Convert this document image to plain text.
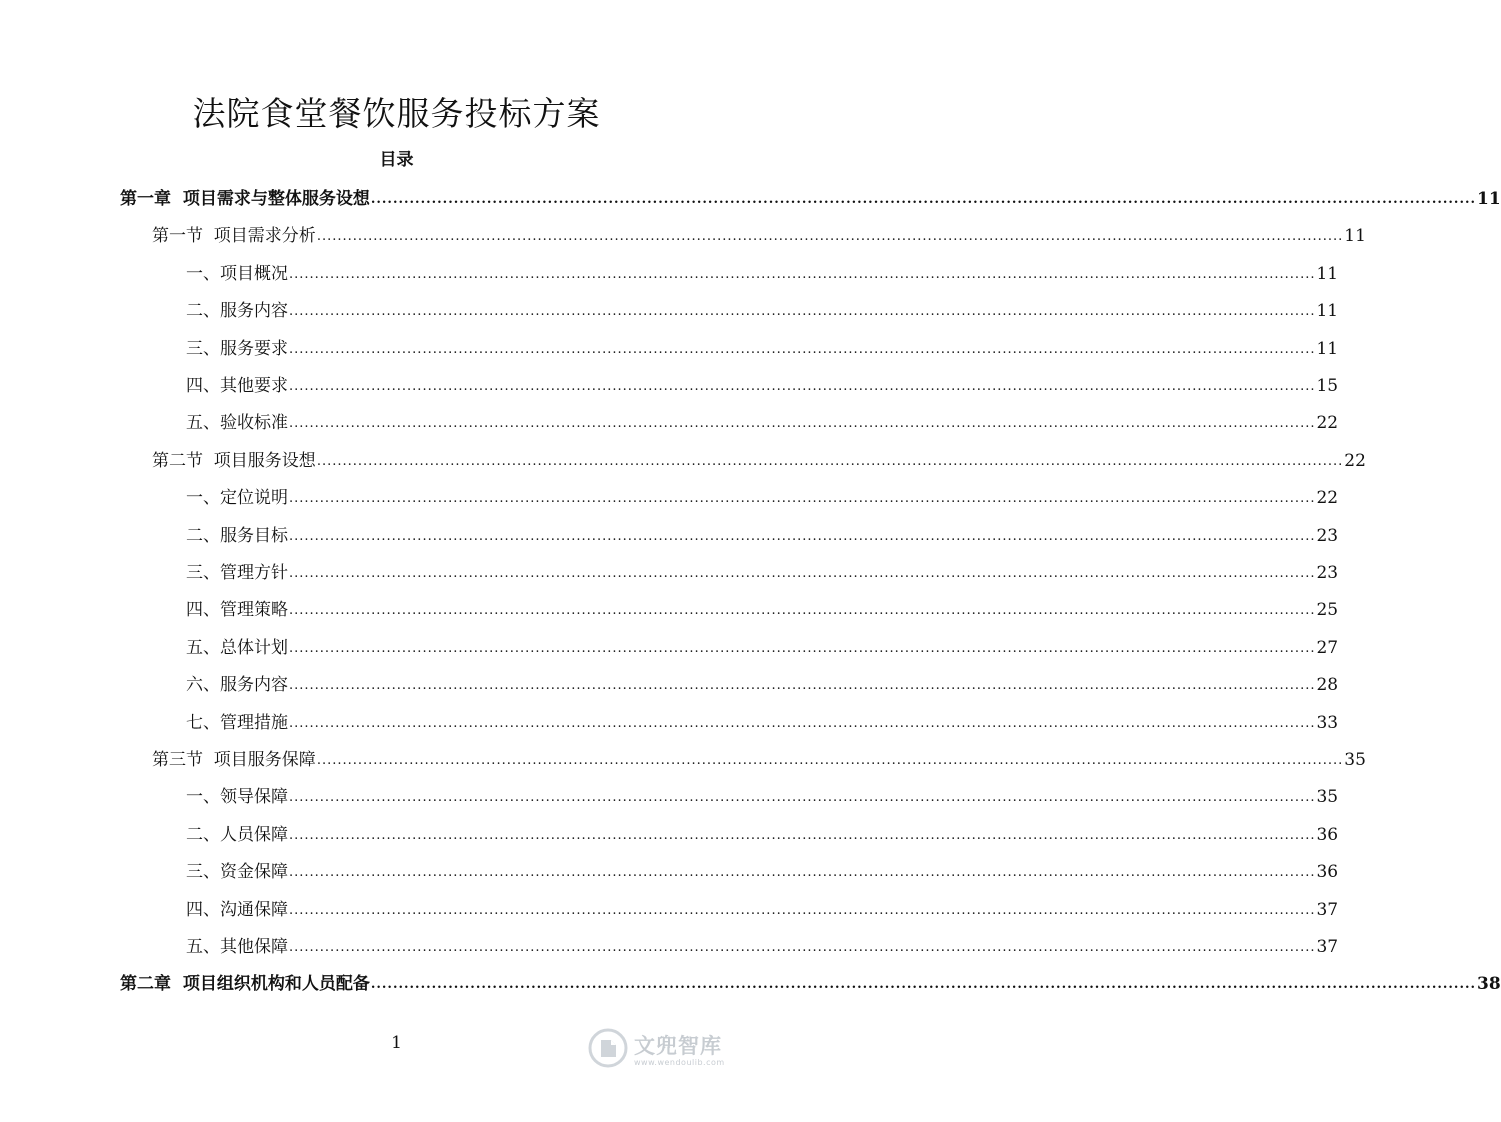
法院食堂餐饮服务投标方案
目录
第一章  项目需求与整体服务设想 ........................................................................................................................................................................................................ 11
第一节  项目需求分析 ........................................................................................................................................................................................................ 11
一、项目概况 ........................................................................................................................................................................................................ 11
二、服务内容 ........................................................................................................................................................................................................ 11
三、服务要求 ........................................................................................................................................................................................................ 11
四、其他要求 ........................................................................................................................................................................................................ 15
五、验收标准 ........................................................................................................................................................................................................ 22
第二节  项目服务设想 ........................................................................................................................................................................................................ 22
一、定位说明 ........................................................................................................................................................................................................ 22
二、服务目标 ........................................................................................................................................................................................................ 23
三、管理方针 ........................................................................................................................................................................................................ 23
四、管理策略 ........................................................................................................................................................................................................ 25
五、总体计划 ........................................................................................................................................................................................................ 27
六、服务内容 ........................................................................................................................................................................................................ 28
七、管理措施 ........................................................................................................................................................................................................ 33
第三节  项目服务保障 ........................................................................................................................................................................................................ 35
一、领导保障 ........................................................................................................................................................................................................ 35
二、人员保障 ........................................................................................................................................................................................................ 36
三、资金保障 ........................................................................................................................................................................................................ 36
四、沟通保障 ........................................................................................................................................................................................................ 37
五、其他保障 ........................................................................................................................................................................................................ 37
第二章  项目组织机构和人员配备 ........................................................................................................................................................................................................ 38
1	文兜智库
www.wendoulib.com
